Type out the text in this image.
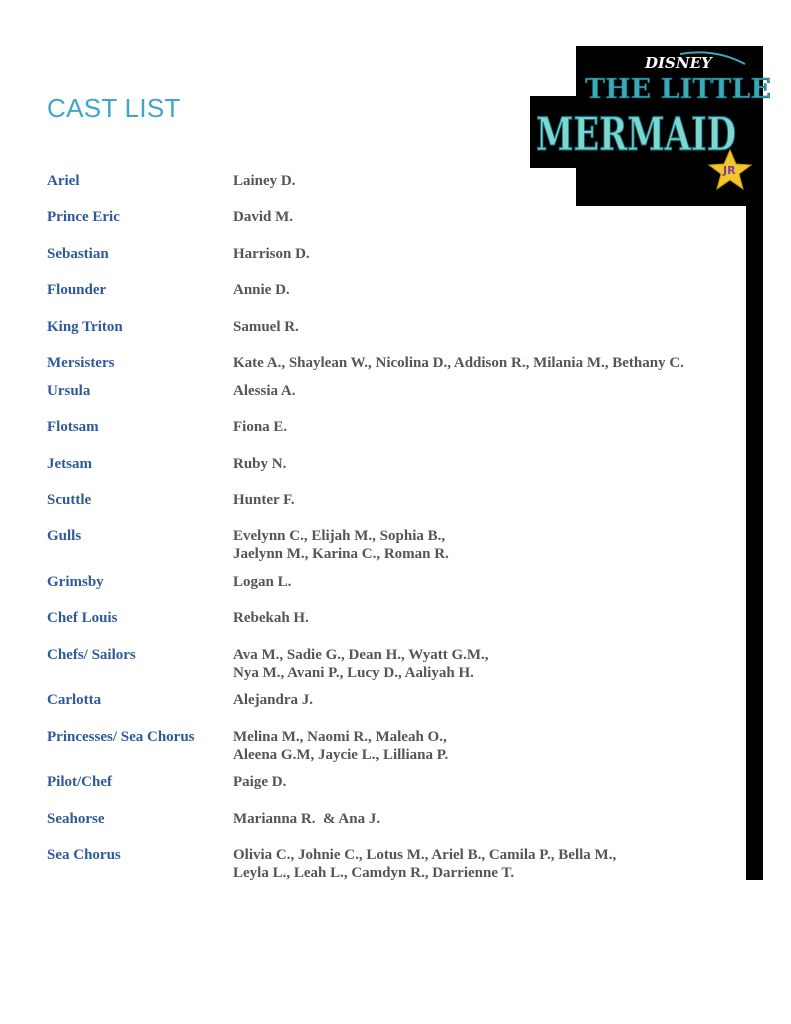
CAST LIST
DISNEY
THE LITTLE
MERMAID
JR
Ariel	Lainey D.
Prince Eric	David M.
Sebastian	Harrison D.
Flounder	Annie D.
King Triton	Samuel R.
Mersisters	Kate A., Shaylean W., Nicolina D., Addison R., Milania M., Bethany C.
Ursula	Alessia A.
Flotsam	Fiona E.
Jetsam	Ruby N.
Scuttle	Hunter F.
Gulls	Evelynn C., Elijah M., Sophia B.,
Jaelynn M., Karina C., Roman R.
Grimsby	Logan L.
Chef Louis	Rebekah H.
Chefs/ Sailors	Ava M., Sadie G., Dean H., Wyatt G.M.,
Nya M., Avani P., Lucy D., Aaliyah H.
Carlotta	Alejandra J.
Princesses/ Sea Chorus	Melina M., Naomi R., Maleah O.,
Aleena G.M, Jaycie L., Lilliana P.
Pilot/Chef	Paige D.
Seahorse	Marianna R.  & Ana J.
Sea Chorus	Olivia C., Johnie C., Lotus M., Ariel B., Camila P., Bella M.,
Leyla L., Leah L., Camdyn R., Darrienne T.
